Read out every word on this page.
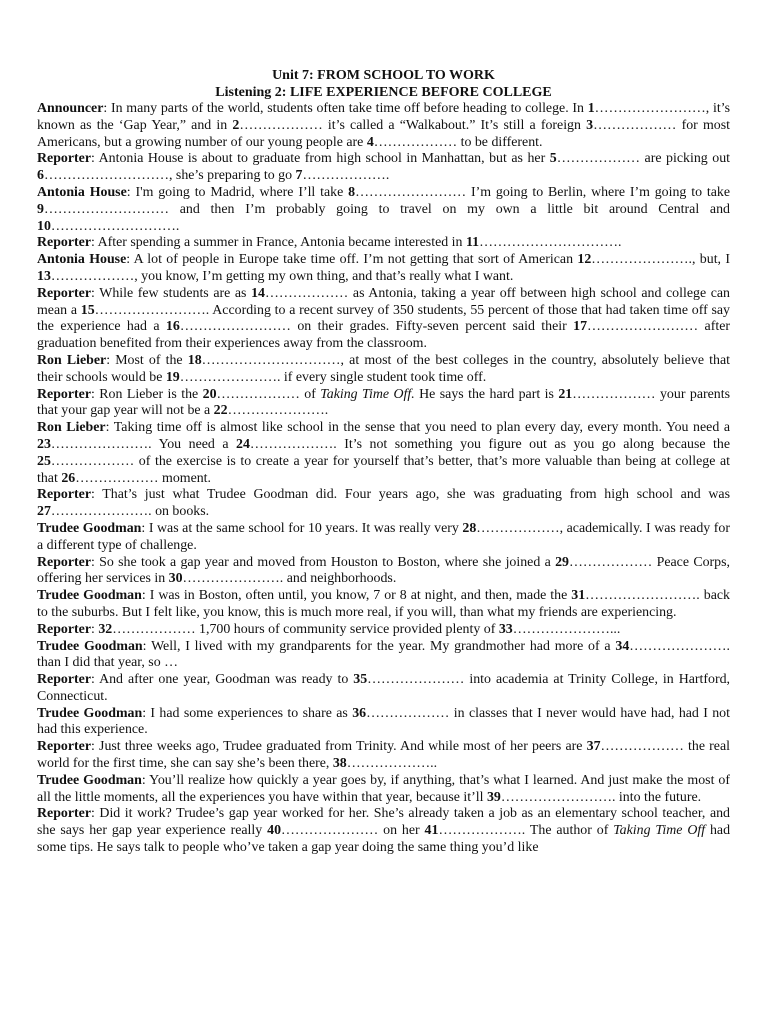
Unit 7: FROM SCHOOL TO WORK

Listening 2: LIFE EXPERIENCE BEFORE COLLEGE

Announcer: In many parts of the world, students often take time off before heading to college. In 1……………………, it’s known as the ‘Gap Year,” and in 2……………… it’s called a “Walkabout.” It’s still a foreign 3……………… for most Americans, but a growing number of our young people are 4……………… to be different.

Reporter: Antonia House is about to graduate from high school in Manhattan, but as her 5……………… are picking out 6………………………, she’s preparing to go 7……………….

Antonia House: I'm going to Madrid, where I’ll take 8…………………… I’m going to Berlin, where I’m going to take 9……………………… and then I’m probably going to travel on my own a little bit around Central and 10……………………….

Reporter: After spending a summer in France, Antonia became interested in 11………………………….

Antonia House: A lot of people in Europe take time off. I’m not getting that sort of American 12…………………., but, I 13………………, you know, I’m getting my own thing, and that’s really what I want.

Reporter: While few students are as 14……………… as Antonia, taking a year off between high school and college can mean a 15……………………. According to a recent survey of 350 students, 55 percent of those that had taken time off say the experience had a 16…………………… on their grades. Fifty-seven percent said their 17…………………… after graduation benefited from their experiences away from the classroom.

Ron Lieber: Most of the 18…………………………, at most of the best colleges in the country, absolutely believe that their schools would be 19…………………. if every single student took time off.

Reporter: Ron Lieber is the 20……………… of Taking Time Off. He says the hard part is 21……………… your parents that your gap year will not be a 22………………….

Ron Lieber: Taking time off is almost like school in the sense that you need to plan every day, every month. You need a 23…………………. You need a 24………………. It’s not something you figure out as you go along because the 25……………… of the exercise is to create a year for yourself that’s better, that’s more valuable than being at college at that 26……………… moment.

Reporter: That’s just what Trudee Goodman did. Four years ago, she was graduating from high school and was 27…………………. on books.

Trudee Goodman: I was at the same school for 10 years. It was really very 28………………, academically. I was ready for a different type of challenge.

Reporter: So she took a gap year and moved from Houston to Boston, where she joined a 29……………… Peace Corps, offering her services in 30…………………. and neighborhoods.

Trudee Goodman: I was in Boston, often until, you know, 7 or 8 at night, and then, made the 31……………………. back to the suburbs. But I felt like, you know, this is much more real, if you will, than what my friends are experiencing.

Reporter: 32……………… 1,700 hours of community service provided plenty of 33…………………...

Trudee Goodman: Well, I lived with my grandparents for the year. My grandmother had more of a 34…………………. than I did that year, so …

Reporter: And after one year, Goodman was ready to 35………………… into academia at Trinity College, in Hartford, Connecticut.

Trudee Goodman: I had some experiences to share as 36……………… in classes that I never would have had, had I not had this experience.

Reporter: Just three weeks ago, Trudee graduated from Trinity. And while most of her peers are 37……………… the real world for the first time, she can say she’s been there, 38………………..

Trudee Goodman: You’ll realize how quickly a year goes by, if anything, that’s what I learned. And just make the most of all the little moments, all the experiences you have within that year, because it’ll 39……………………. into the future.

Reporter: Did it work? Trudee’s gap year worked for her. She’s already taken a job as an elementary school teacher, and she says her gap year experience really 40………………… on her 41………………. The author of Taking Time Off had some tips. He says talk to people who’ve taken a gap year doing the same thing you’d like
